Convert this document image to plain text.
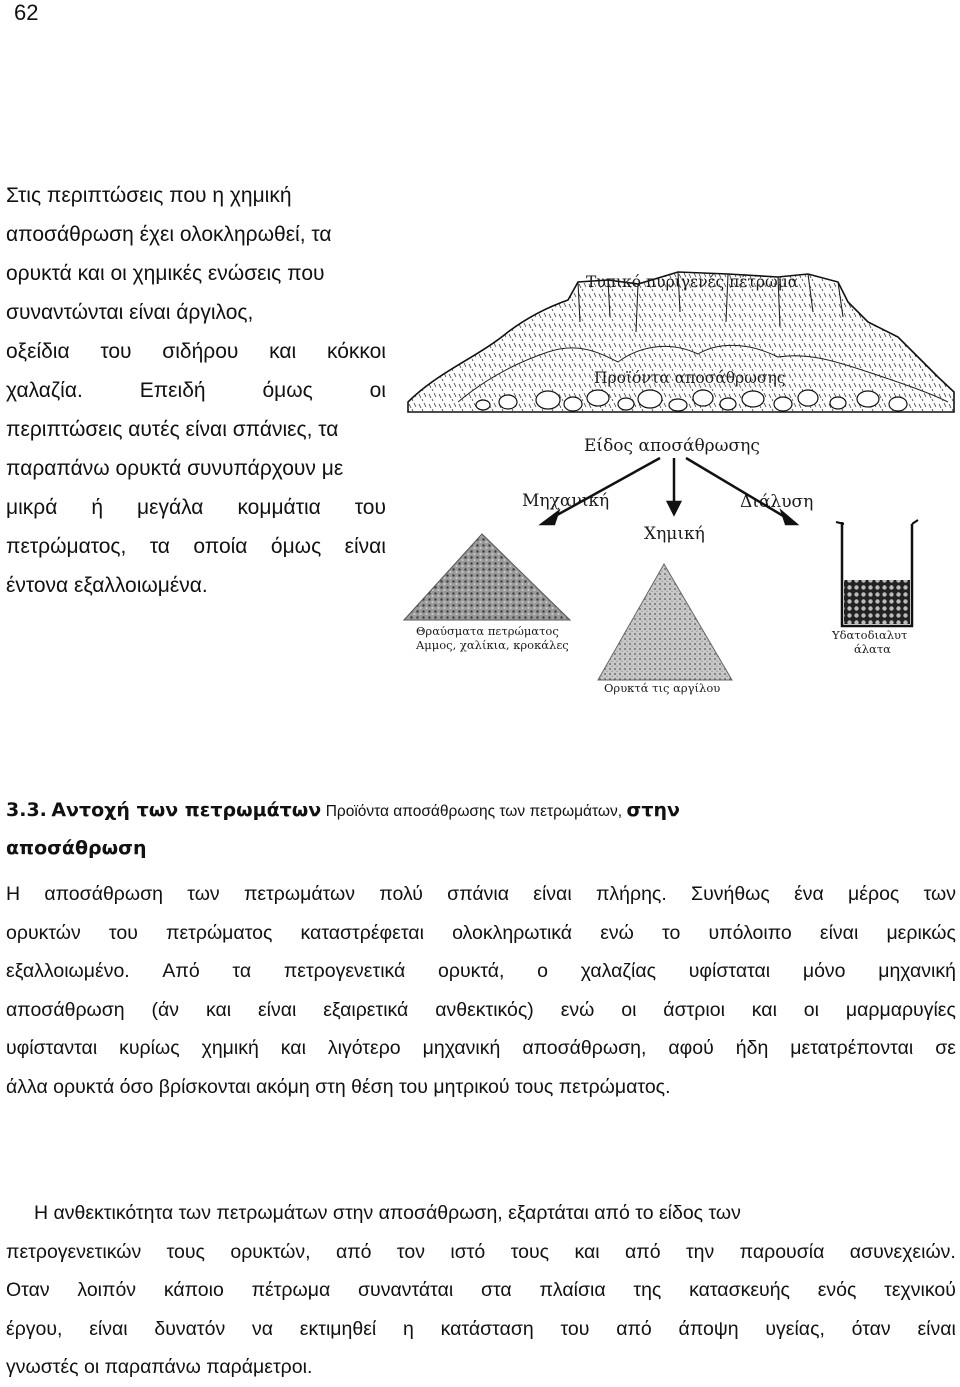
62
Στις περιπτώσεις που η χημική
αποσάθρωση έχει ολοκληρωθεί, τα
ορυκτά και οι χημικές ενώσεις που
συναντώνται είναι άργιλος,
οξείδια του σιδήρου και κόκκοι
χαλαζία.	Επειδή	όμως	οι
περιπτώσεις αυτές είναι σπάνιες, τα
παραπάνω ορυκτά συνυπάρχουν με
μικρά ή μεγάλα κομμάτια του
πετρώματος, τα οποία όμως είναι
έντονα εξαλλοιωμένα.
Τυπικό πυριγενές πέτρωμα
Προϊόντα αποσάθρωσης
Είδος αποσάθρωσης
Μηχανική
Χημική
Διάλυση
Θραύσματα πετρώματος
Αμμος, χαλίκια, κροκάλες
Ορυκτά τις αργίλου
Υδατοδιαλυτ
άλατα
3.3. Αντοχή των πετρωμάτων Προϊόντα αποσάθρωσης των πετρωμάτων, στην
αποσάθρωση
Η αποσάθρωση των πετρωμάτων πολύ σπάνια είναι πλήρης. Συνήθως ένα μέρος των
ορυκτών του πετρώματος καταστρέφεται ολοκληρωτικά ενώ το υπόλοιπο είναι μερικώς
εξαλλοιωμένο. Από τα πετρογενετικά ορυκτά, ο χαλαζίας υφίσταται μόνο μηχανική
αποσάθρωση (άν και είναι εξαιρετικά ανθεκτικός) ενώ οι άστριοι και οι μαρμαρυγίες
υφίστανται κυρίως χημική και λιγότερο μηχανική αποσάθρωση, αφού ήδη μετατρέπονται σε
άλλα ορυκτά όσο βρίσκονται ακόμη στη θέση του μητρικού τους πετρώματος.
Η ανθεκτικότητα των πετρωμάτων στην αποσάθρωση, εξαρτάται από το είδος των
πετρογενετικών τους ορυκτών, από τον ιστό τους και από την παρουσία ασυνεχειών.
Οταν λοιπόν κάποιο πέτρωμα συναντάται στα πλαίσια της κατασκευής ενός τεχνικού
έργου, είναι δυνατόν να εκτιμηθεί η κατάσταση του από άποψη υγείας, όταν είναι
γνωστές οι παραπάνω παράμετροι.
